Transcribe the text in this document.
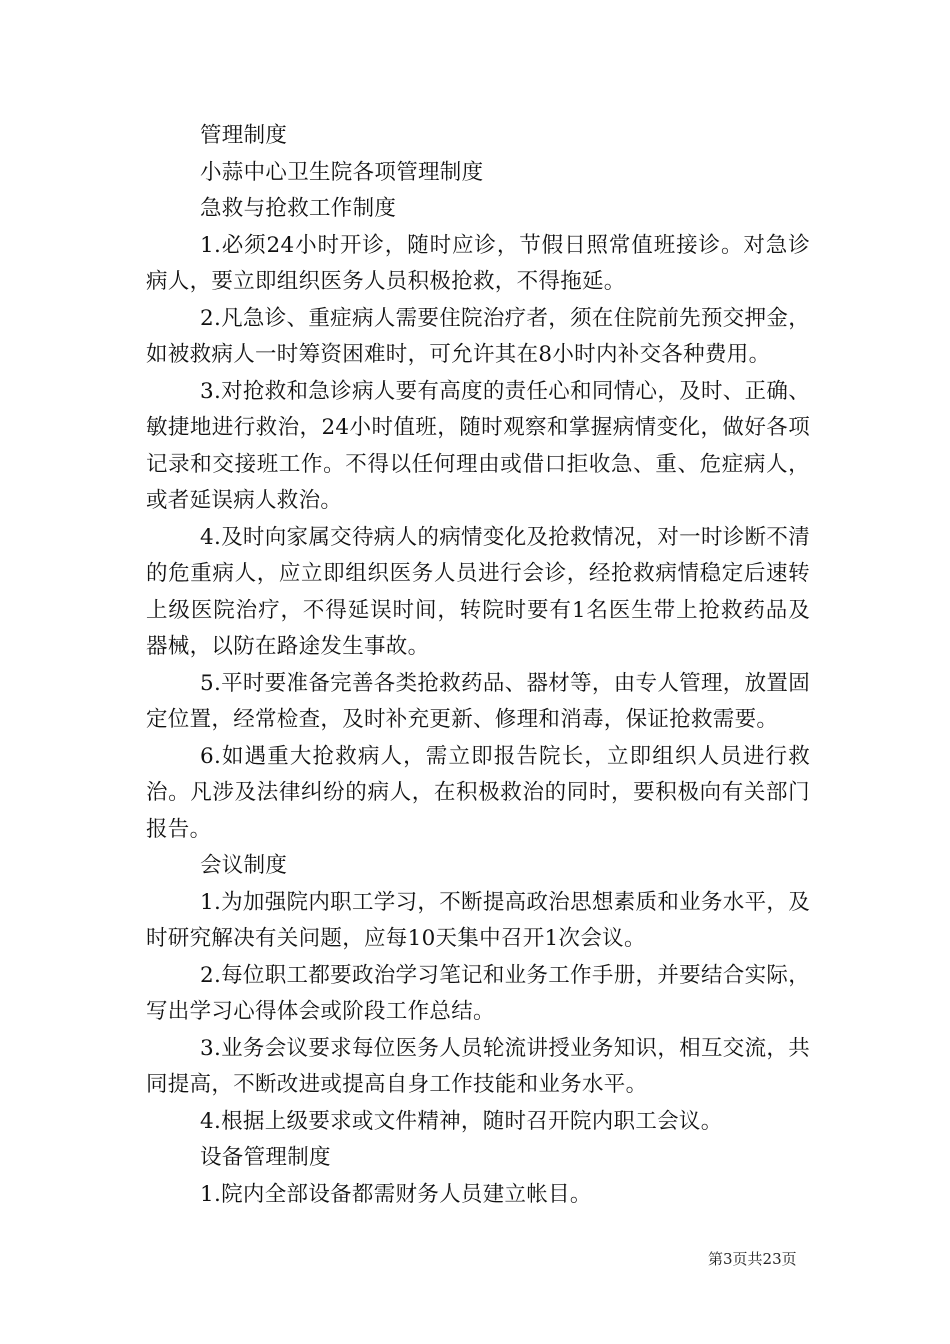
管理制度

小蒜中心卫生院各项管理制度

急救与抢救工作制度

1.必须24小时开诊，随时应诊，节假日照常值班接诊。对急诊病人，要立即组织医务人员积极抢救，不得拖延。

2.凡急诊、重症病人需要住院治疗者，须在住院前先预交押金，如被救病人一时筹资困难时，可允许其在8小时内补交各种费用。

3.对抢救和急诊病人要有高度的责任心和同情心，及时、正确、敏捷地进行救治，24小时值班，随时观察和掌握病情变化，做好各项记录和交接班工作。不得以任何理由或借口拒收急、重、危症病人，或者延误病人救治。

4.及时向家属交待病人的病情变化及抢救情况，对一时诊断不清的危重病人，应立即组织医务人员进行会诊，经抢救病情稳定后速转上级医院治疗，不得延误时间，转院时要有1名医生带上抢救药品及器械，以防在路途发生事故。

5.平时要准备完善各类抢救药品、器材等，由专人管理，放置固定位置，经常检查，及时补充更新、修理和消毒，保证抢救需要。

6.如遇重大抢救病人，需立即报告院长，立即组织人员进行救治。凡涉及法律纠纷的病人，在积极救治的同时，要积极向有关部门报告。

会议制度

1.为加强院内职工学习，不断提高政治思想素质和业务水平，及时研究解决有关问题，应每10天集中召开1次会议。

2.每位职工都要政治学习笔记和业务工作手册，并要结合实际，写出学习心得体会或阶段工作总结。

3.业务会议要求每位医务人员轮流讲授业务知识，相互交流，共同提高，不断改进或提高自身工作技能和业务水平。

4.根据上级要求或文件精神，随时召开院内职工会议。

设备管理制度

1.院内全部设备都需财务人员建立帐目。

第3页共23页
